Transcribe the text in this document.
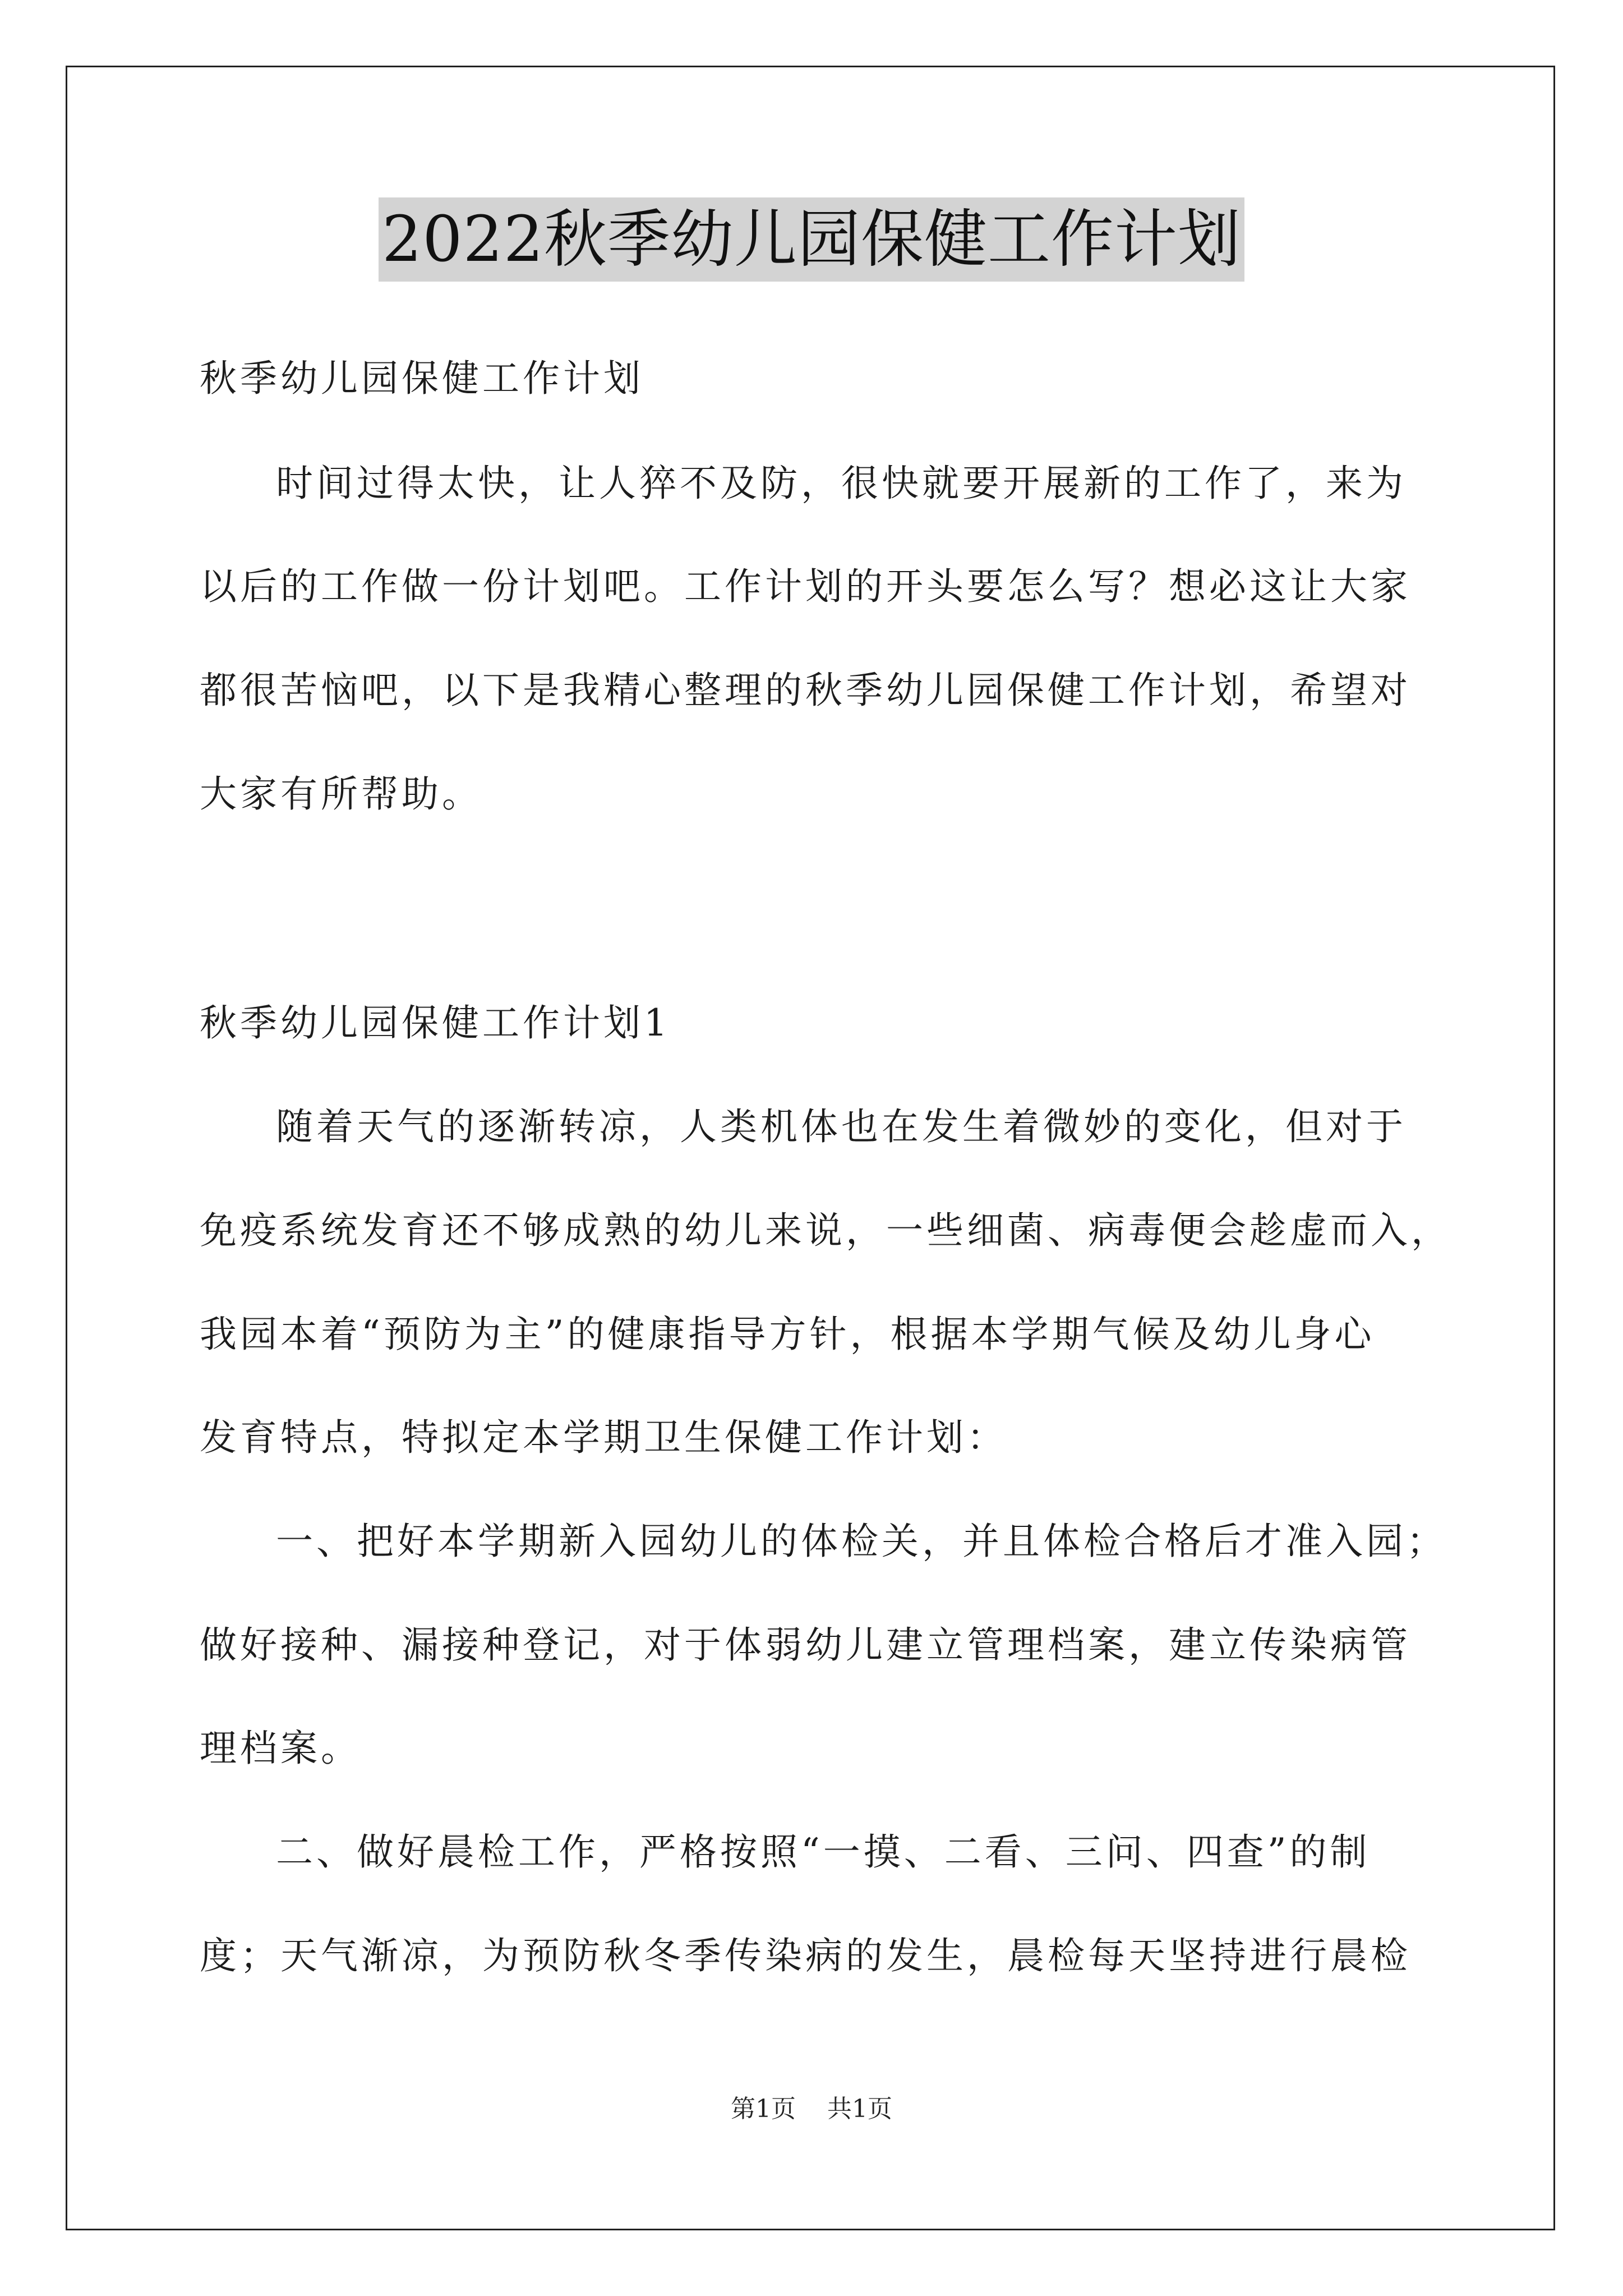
2022秋季幼儿园保健工作计划
秋季幼儿园保健工作计划
时间过得太快，让人猝不及防，很快就要开展新的工作了，来为
以后的工作做一份计划吧。工作计划的开头要怎么写？想必这让大家
都很苦恼吧，以下是我精心整理的秋季幼儿园保健工作计划，希望对
大家有所帮助。
秋季幼儿园保健工作计划1
随着天气的逐渐转凉，人类机体也在发生着微妙的变化，但对于
免疫系统发育还不够成熟的幼儿来说，一些细菌、病毒便会趁虚而入，
我园本着“预防为主”的健康指导方针，根据本学期气候及幼儿身心
发育特点，特拟定本学期卫生保健工作计划：
一、把好本学期新入园幼儿的体检关，并且体检合格后才准入园；
做好接种、漏接种登记，对于体弱幼儿建立管理档案，建立传染病管
理档案。
二、做好晨检工作，严格按照“一摸、二看、三问、四查”的制
度；天气渐凉，为预防秋冬季传染病的发生，晨检每天坚持进行晨检
第1页 共1页
